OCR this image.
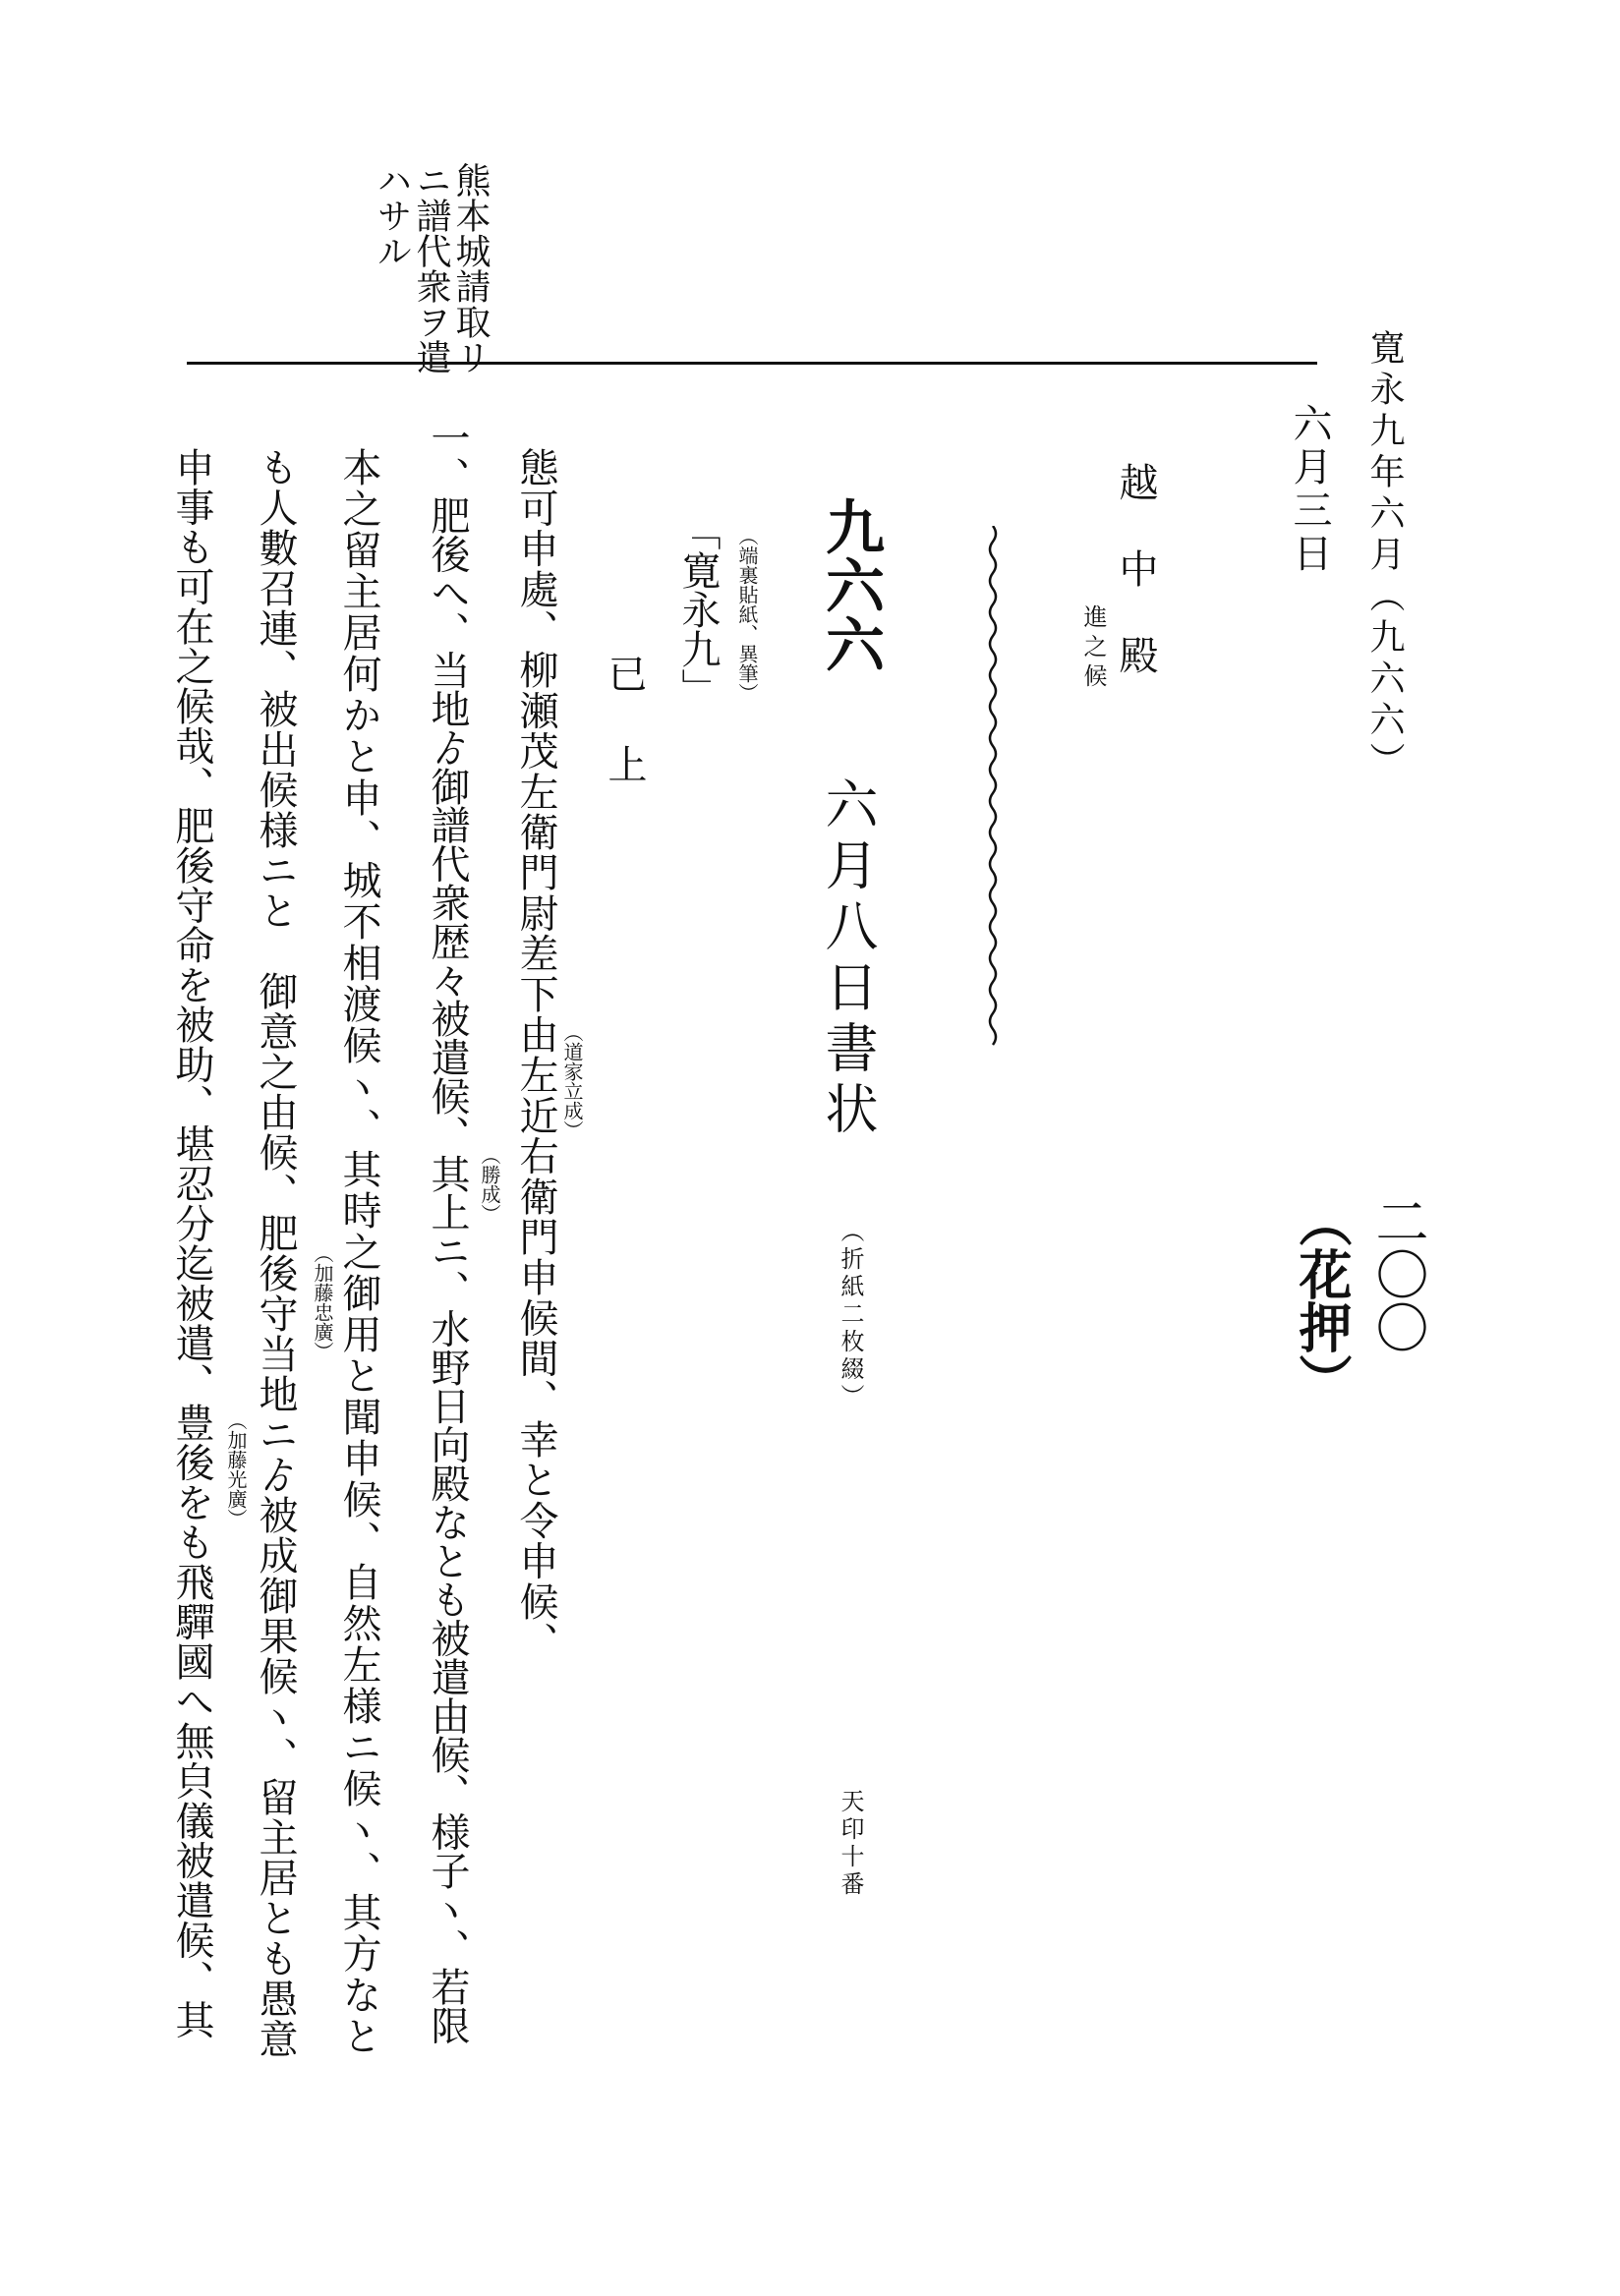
寛永九年六月（九六六）
二〇〇
（花押）
六月三日
越　中　殿
進之候
熊本城請取リ
ニ譜代衆ヲ遣
ハサル
九六六
六月八日書状
（折紙二枚綴）
天印十番
（端裏貼紙、異筆）
「寛永九」
已　上
態可申處、柳瀬茂左衛門尉差下由左近右衛門申候間、幸と令申候、
一、肥後へ、当地ゟ御譜代衆歴々被遣候、其上ニ、水野日向殿なとも被遣由候、様子ヽ、若限
本之留主居何かと申、城不相渡候ヽ、其時之御用と聞申候、自然左様ニ候ヽ、其方なと
も人數召連、被出候様ニと　御意之由候、肥後守当地ニゟ被成御果候ヽ、留主居とも愚意
申事も可在之候哉、肥後守命を被助、堪忍分迄被遣、豊後をも飛驒國へ無㒵儀被遣候、其	（道家立成）
（勝成）
（加藤忠廣）
（加藤光廣）
